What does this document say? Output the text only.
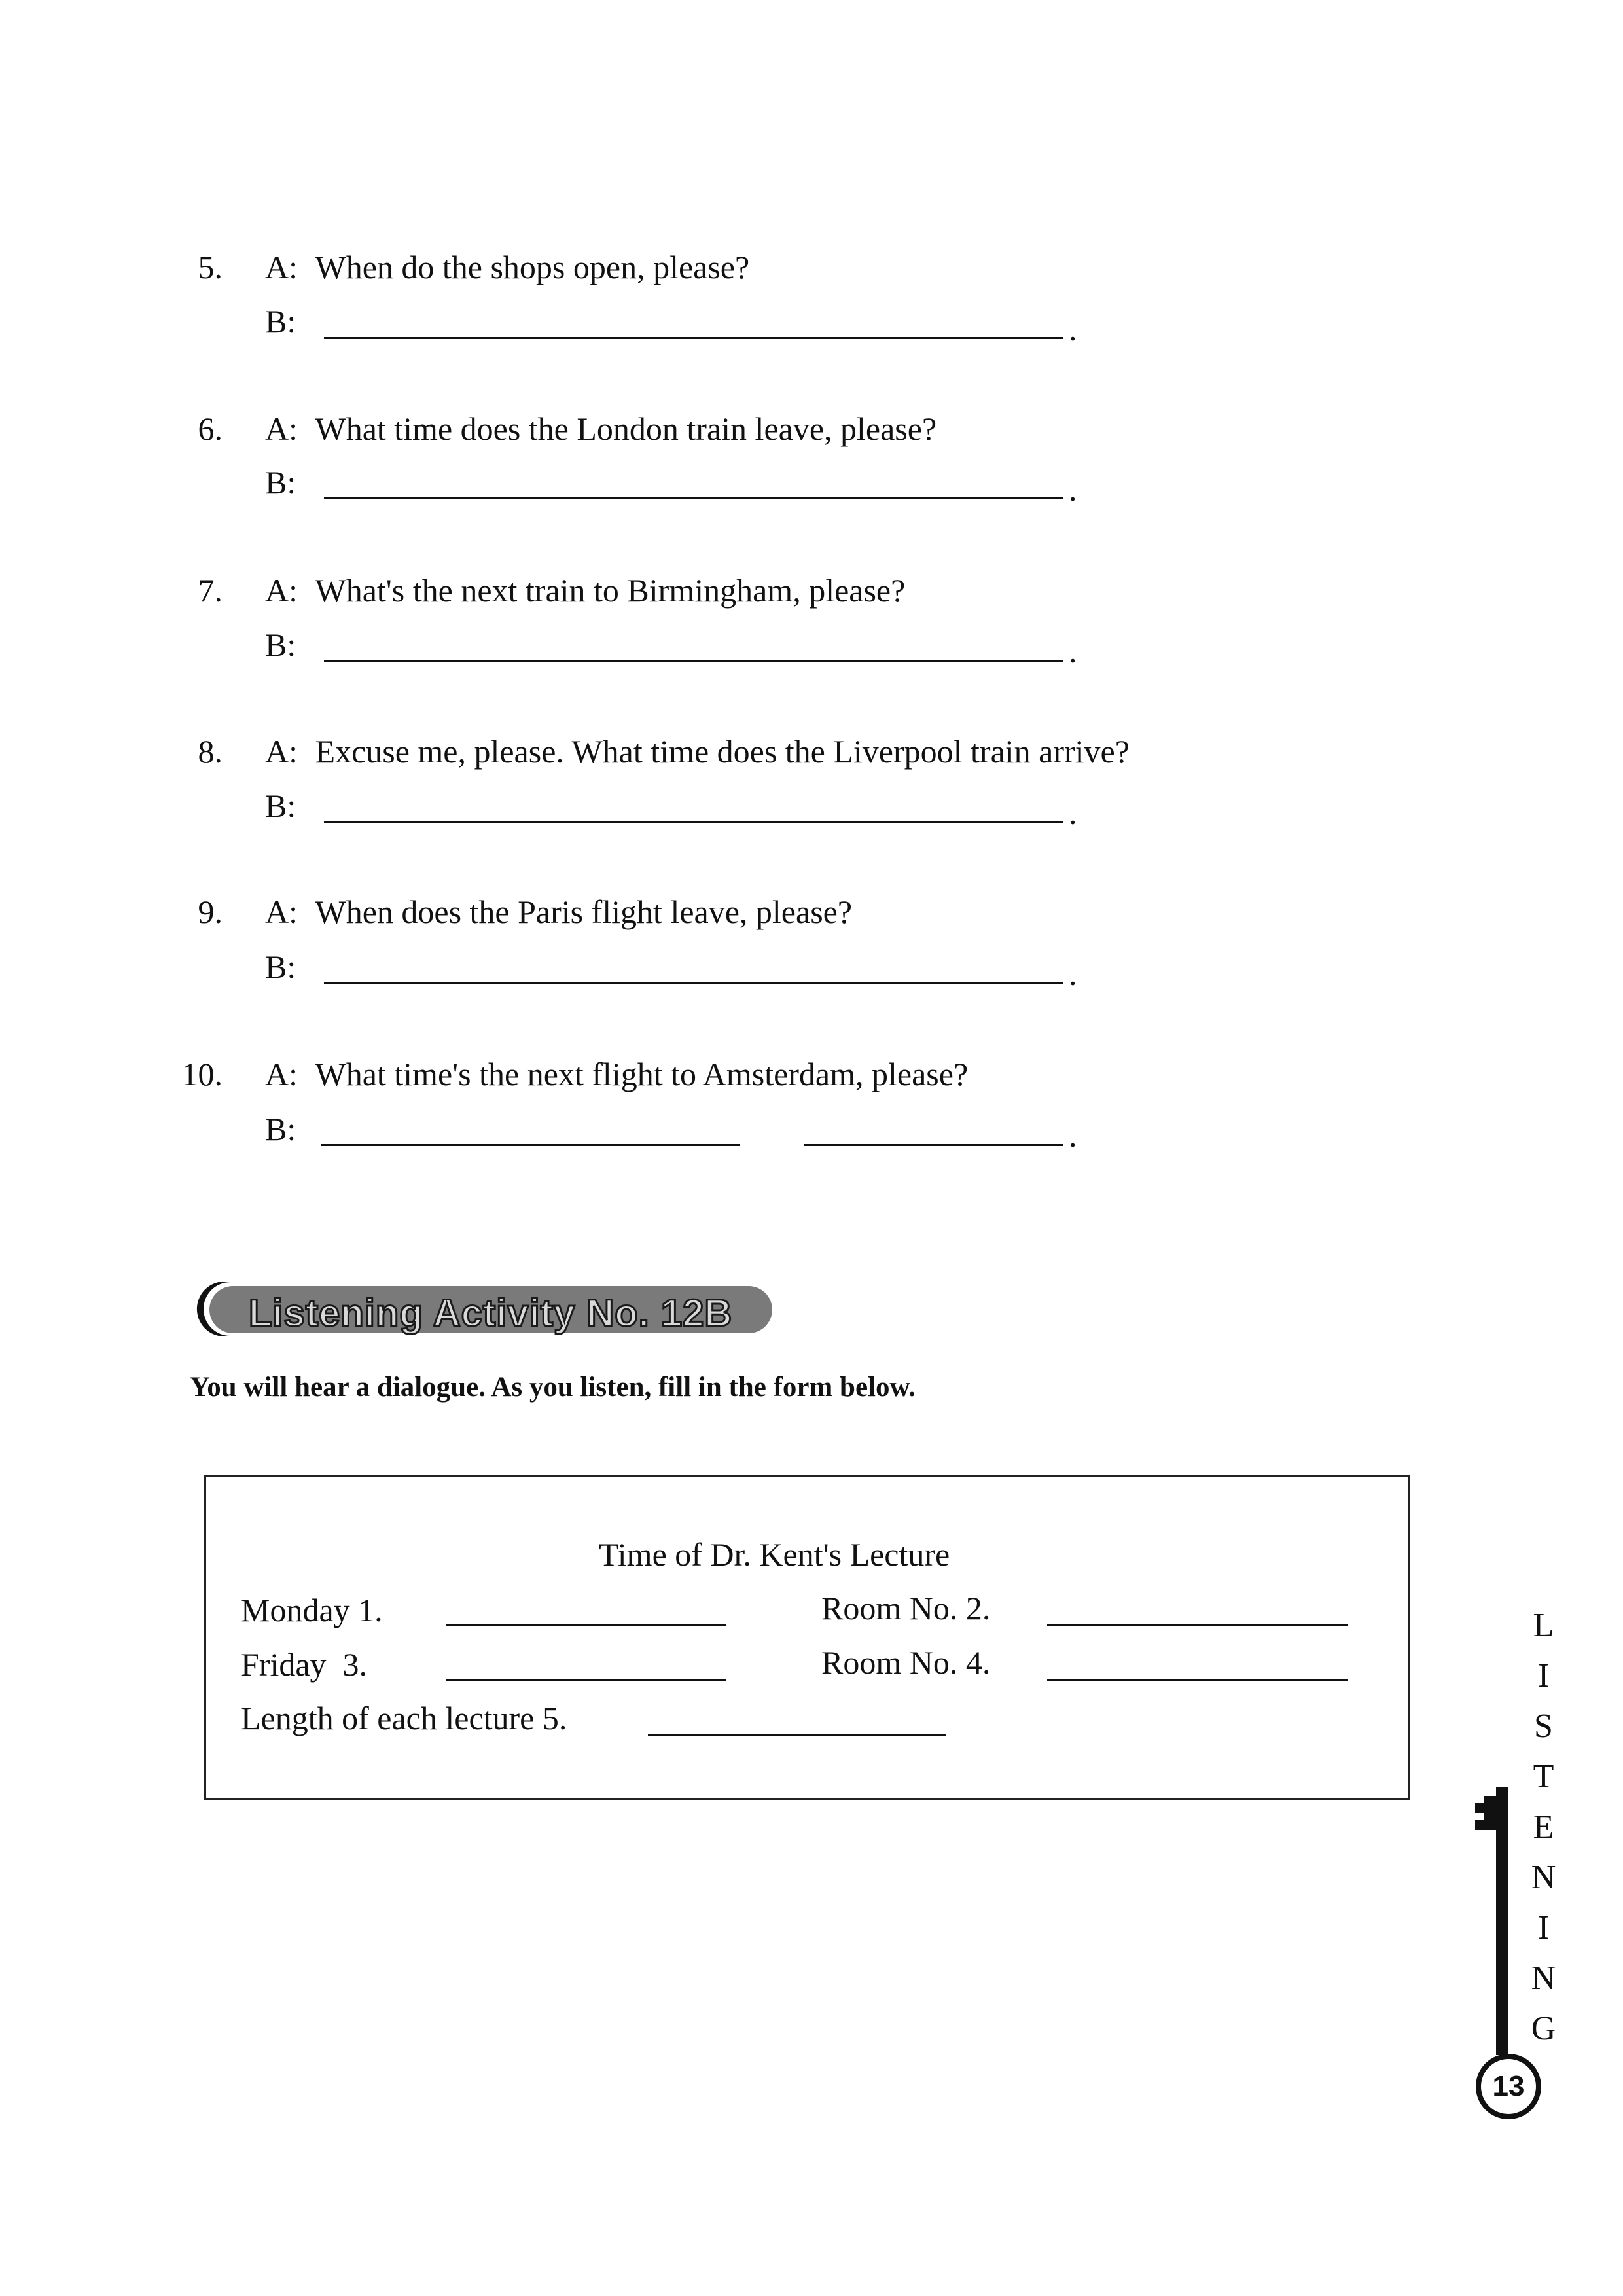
5. A: When do the shops open, please?
B:	.
6. A: What time does the London train leave, please?
B:	.
7. A: What's the next train to Birmingham, please?
B:	.
8. A: Excuse me, please. What time does the Liverpool train arrive?
B:	.
9. A: When does the Paris flight leave, please?
B:	.
10. A: What time's the next flight to Amsterdam, please?
B:	.
Listening Activity No. 12B
You will hear a dialogue. As you listen, fill in the form below.
Time of Dr. Kent's Lecture
Monday 1.	Room No. 2.
Friday  3.	Room No. 4.
Length of each lecture 5.	LISTENING
13
